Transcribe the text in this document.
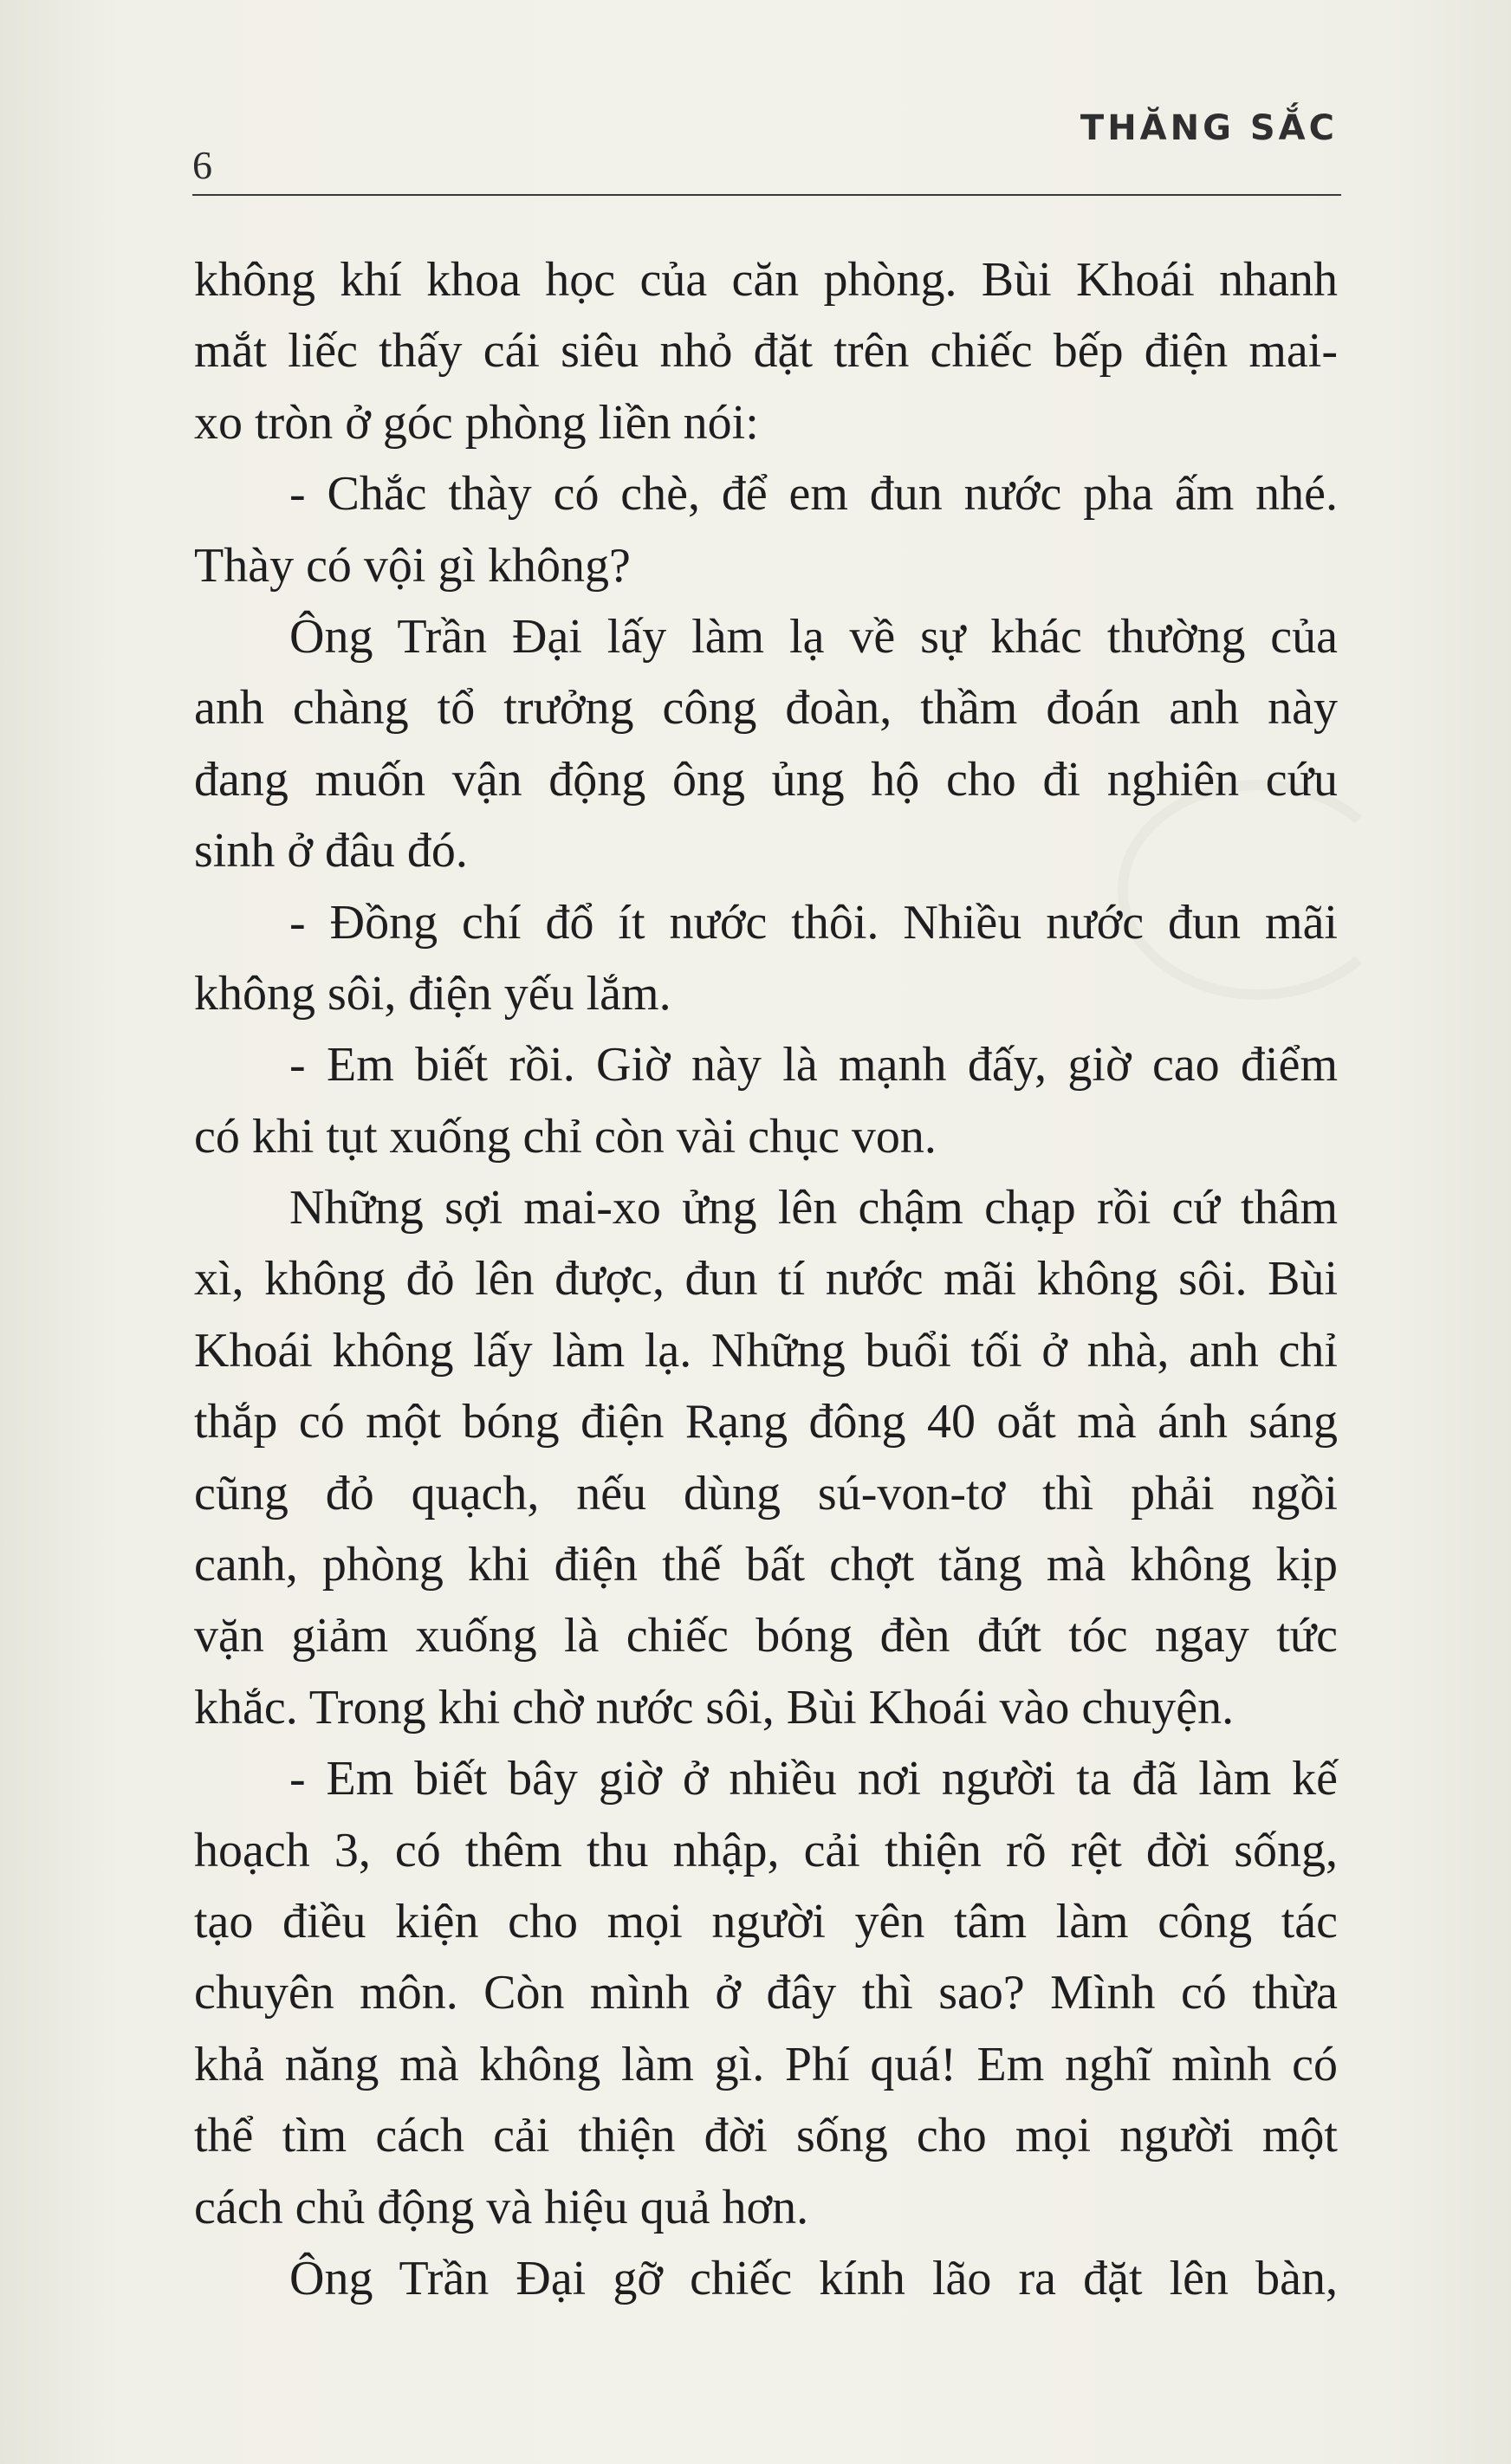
6
THĂNG SẮC
không khí khoa học của căn phòng. Bùi Khoái nhanh
mắt liếc thấy cái siêu nhỏ đặt trên chiếc bếp điện mai-
xo tròn ở góc phòng liền nói:
- Chắc thày có chè, để em đun nước pha ấm nhé.
Thày có vội gì không?
Ông Trần Đại lấy làm lạ về sự khác thường của
anh chàng tổ trưởng công đoàn, thầm đoán anh này
đang muốn vận động ông ủng hộ cho đi nghiên cứu
sinh ở đâu đó.
- Đồng chí đổ ít nước thôi. Nhiều nước đun mãi
không sôi, điện yếu lắm.
- Em biết rồi. Giờ này là mạnh đấy, giờ cao điểm
có khi tụt xuống chỉ còn vài chục von.
Những sợi mai-xo ửng lên chậm chạp rồi cứ thâm
xì, không đỏ lên được, đun tí nước mãi không sôi. Bùi
Khoái không lấy làm lạ. Những buổi tối ở nhà, anh chỉ
thắp có một bóng điện Rạng đông 40 oắt mà ánh sáng
cũng đỏ quạch, nếu dùng sú-von-tơ thì phải ngồi
canh, phòng khi điện thế bất chợt tăng mà không kịp
vặn giảm xuống là chiếc bóng đèn đứt tóc ngay tức
khắc. Trong khi chờ nước sôi, Bùi Khoái vào chuyện.
- Em biết bây giờ ở nhiều nơi người ta đã làm kế
hoạch 3, có thêm thu nhập, cải thiện rõ rệt đời sống,
tạo điều kiện cho mọi người yên tâm làm công tác
chuyên môn. Còn mình ở đây thì sao? Mình có thừa
khả năng mà không làm gì. Phí quá! Em nghĩ mình có
thể tìm cách cải thiện đời sống cho mọi người một
cách chủ động và hiệu quả hơn.
Ông Trần Đại gỡ chiếc kính lão ra đặt lên bàn,
